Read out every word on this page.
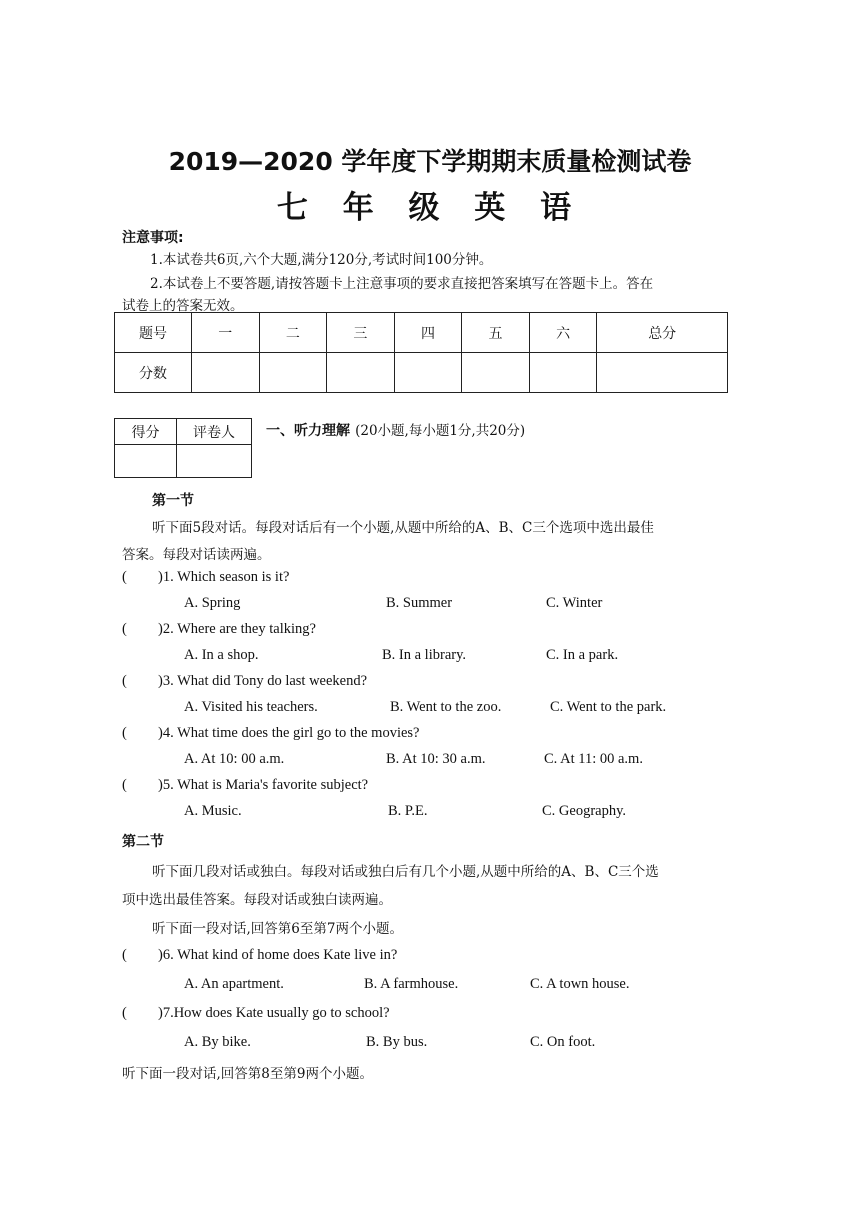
2019—2020 学年度下学期期末质量检测试卷
七 年 级 英 语
注意事项:
1.本试卷共6页,六个大题,满分120分,考试时间100分钟。
2.本试卷上不要答题,请按答题卡上注意事项的要求直接把答案填写在答题卡上。答在
试卷上的答案无效。
题号	一	二	三	四	五	六	总分
分数							
得分	评卷人
	一、听力理解 (20小题,每小题1分,共20分)
第一节
听下面5段对话。每段对话后有一个小题,从题中所给的A、B、C三个选项中选出最佳
答案。每段对话读两遍。
( )1. Which season is it?
A. Spring	B. Summer	C. Winter
( )2. Where are they talking?
A. In a shop.	B. In a library.	C. In a park.
( )3. What did Tony do last weekend?
A. Visited his teachers.	B. Went to the zoo.	C. Went to the park.
( )4. What time does the girl go to the movies?
A. At 10: 00 a.m.	B. At 10: 30 a.m.	C. At 11: 00 a.m.
( )5. What is Maria's favorite subject?
A. Music.	B. P.E.	C. Geography.
第二节
听下面几段对话或独白。每段对话或独白后有几个小题,从题中所给的A、B、C三个选
项中选出最佳答案。每段对话或独白读两遍。
听下面一段对话,回答第6至第7两个小题。
( )6. What kind of home does Kate live in?
A. An apartment.	B. A farmhouse.	C. A town house.
( )7.How does Kate usually go to school?
A. By bike.	B. By bus.	C. On foot.
听下面一段对话,回答第8至第9两个小题。
